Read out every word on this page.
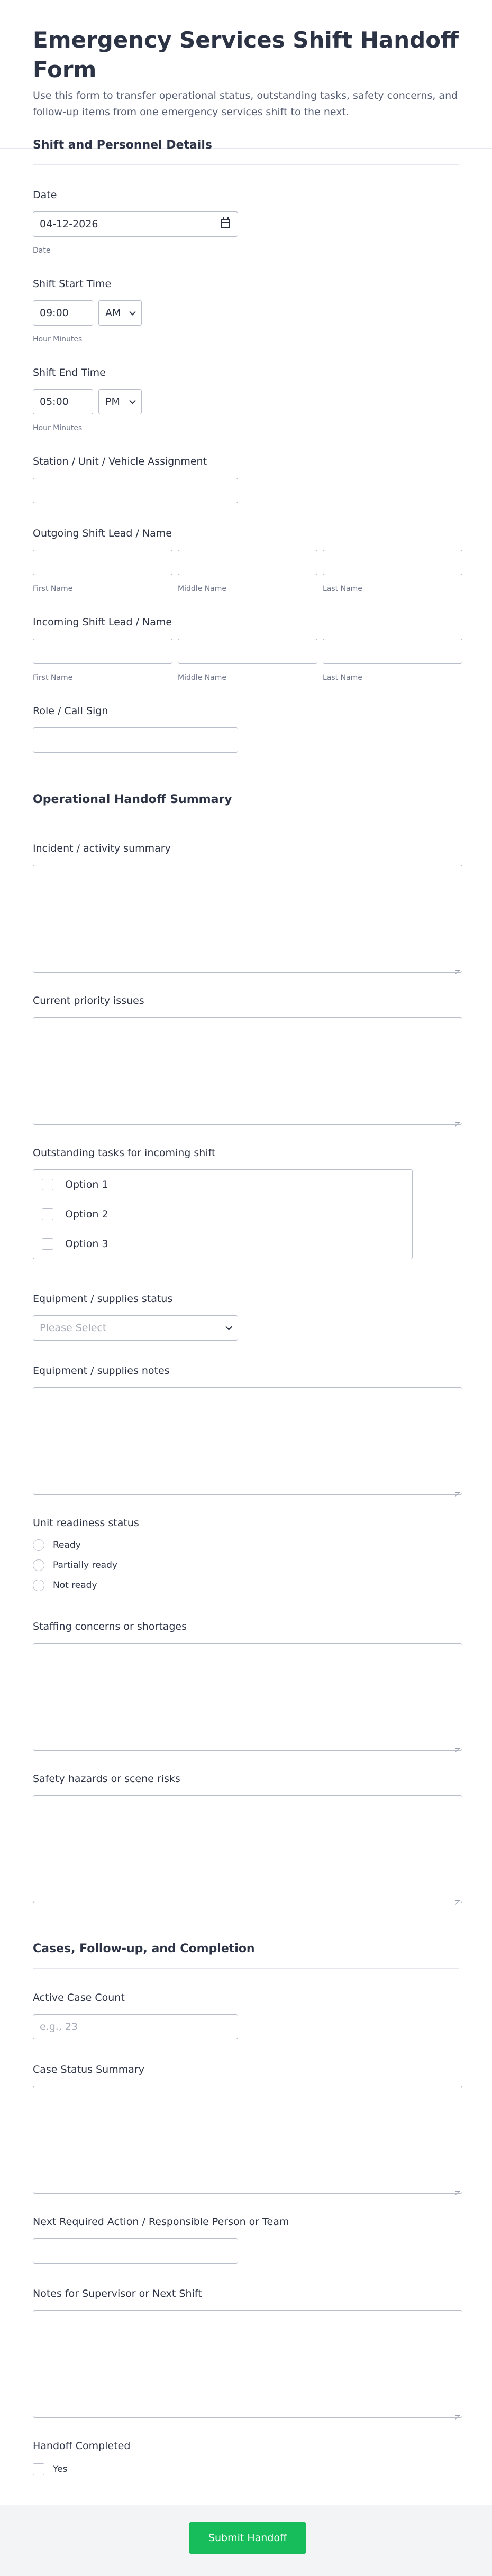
Emergency Services Shift Handoff Form

Use this form to transfer operational status, outstanding tasks, safety concerns, and follow-up items from one emergency services shift to the next.

Shift and Personnel Details
Date
04-12-2026
Date
Shift Start Time
09:00	AM
Hour Minutes
Shift End Time
05:00	PM
Hour Minutes
Station / Unit / Vehicle Assignment
Outgoing Shift Lead / Name
First Name	Middle Name	Last Name
Incoming Shift Lead / Name
First Name	Middle Name	Last Name
Role / Call Sign
Operational Handoff Summary
Incident / activity summary
Current priority issues
Outstanding tasks for incoming shift
Option 1
Option 2
Option 3
Equipment / supplies status
Please Select
Equipment / supplies notes
Unit readiness status
Ready
Partially ready
Not ready
Staffing concerns or shortages
Safety hazards or scene risks
Cases, Follow-up, and Completion
Active Case Count
e.g., 23
Case Status Summary
Next Required Action / Responsible Person or Team
Notes for Supervisor or Next Shift
Handoff Completed
Yes
Submit Handoff
